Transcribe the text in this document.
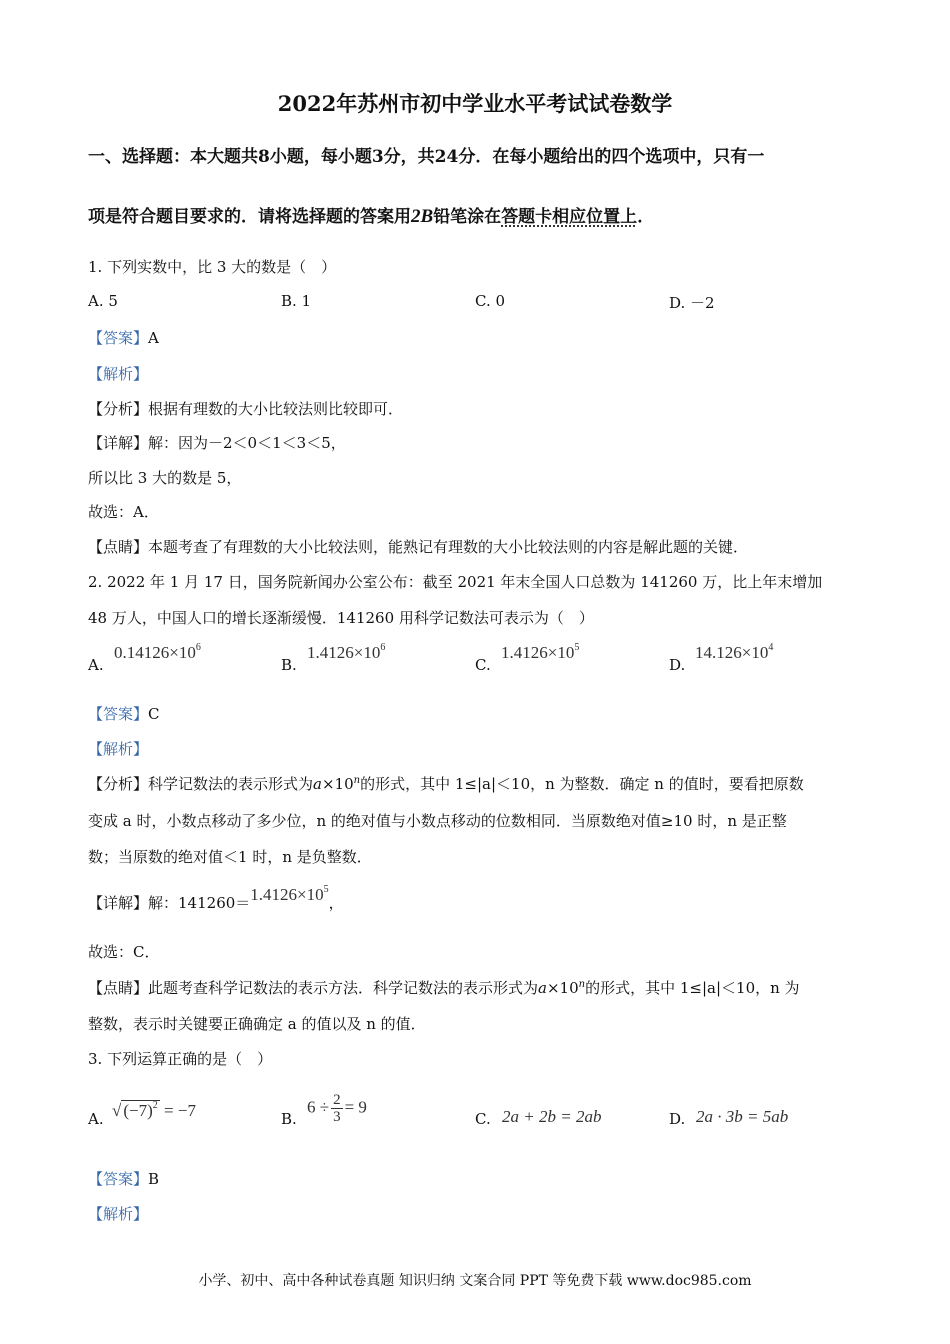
2022年苏州市初中学业水平考试试卷数学
一、选择题：本大题共8小题，每小题3分，共24分．在每小题给出的四个选项中，只有一
项是符合题目要求的．请将选择题的答案用2B铅笔涂在答题卡相应位置上．
1. 下列实数中，比 3 大的数是（　）
A. 5	B. 1	C. 0	D. －2
【答案】A
【解析】
【分析】根据有理数的大小比较法则比较即可．
【详解】解：因为－2＜0＜1＜3＜5，
所以比 3 大的数是 5，
故选：A．
【点睛】本题考查了有理数的大小比较法则，能熟记有理数的大小比较法则的内容是解此题的关键．
2. 2022 年 1 月 17 日，国务院新闻办公室公布：截至 2021 年末全国人口总数为 141260 万，比上年末增加
48 万人，中国人口的增长逐渐缓慢．141260 用科学记数法可表示为（　）
A.
$0.14126\times 10^6$
B.
$1.4126\times 10^6$
C.
$1.4126\times 10^5$
D.
$14.126\times 10^4$
【答案】C
【解析】
【分析】科学记数法的表示形式为$a\times 10^n$的形式，其中 1≤|a|＜10，n 为整数．确定 n 的值时，要看把原数
变成 a 时，小数点移动了多少位，n 的绝对值与小数点移动的位数相同．当原数绝对值≥10 时，n 是正整
数；当原数的绝对值＜1 时，n 是负整数．
【详解】解：$141260=1.4126\times 10^5$，
故选：C．
【点睛】此题考查科学记数法的表示方法．科学记数法的表示形式为$a\times 10^n$的形式，其中 1≤|a|＜10，n 为
整数，表示时关键要正确确定 a 的值以及 n 的值．
3. 下列运算正确的是（　）
A. √ $(-7)^2 = -7$	B.
$6 \div \frac{2}{3} = 9$
C. 2a + 2b = 2ab	D. 2a · 3b = 5ab
【答案】B
【解析】
小学、初中、高中各种试卷真题 知识归纳 文案合同 PPT 等免费下载 www.doc985.com
